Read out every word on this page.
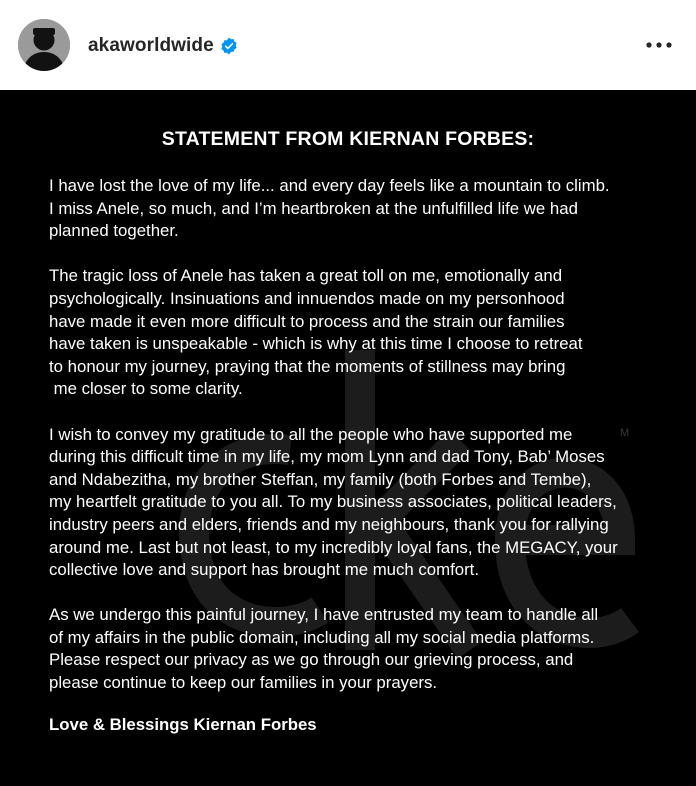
akaworldwide
M
STATEMENT FROM KIERNAN FORBES:

I have lost the love of my life... and every day feels like a mountain to climb.
I miss Anele, so much, and I’m heartbroken at the unfulfilled life we had
planned together.

The tragic loss of Anele has taken a great toll on me, emotionally and
psychologically. Insinuations and innuendos made on my personhood
have made it even more difficult to process and the strain our families
have taken is unspeakable - which is why at this time I choose to retreat
to honour my journey, praying that the moments of stillness may bring
me closer to some clarity.

I wish to convey my gratitude to all the people who have supported me
during this difficult time in my life, my mom Lynn and dad Tony, Bab’ Moses
and Ndabezitha, my brother Steffan, my family (both Forbes and Tembe),
my heartfelt gratitude to you all. To my business associates, political leaders,
industry peers and elders, friends and my neighbours, thank you for rallying
around me. Last but not least, to my incredibly loyal fans, the MEGACY, your
collective love and support has brought me much comfort.

As we undergo this painful journey, I have entrusted my team to handle all
of my affairs in the public domain, including all my social media platforms.
Please respect our privacy as we go through our grieving process, and
please continue to keep our families in your prayers.

Love & Blessings Kiernan Forbes
